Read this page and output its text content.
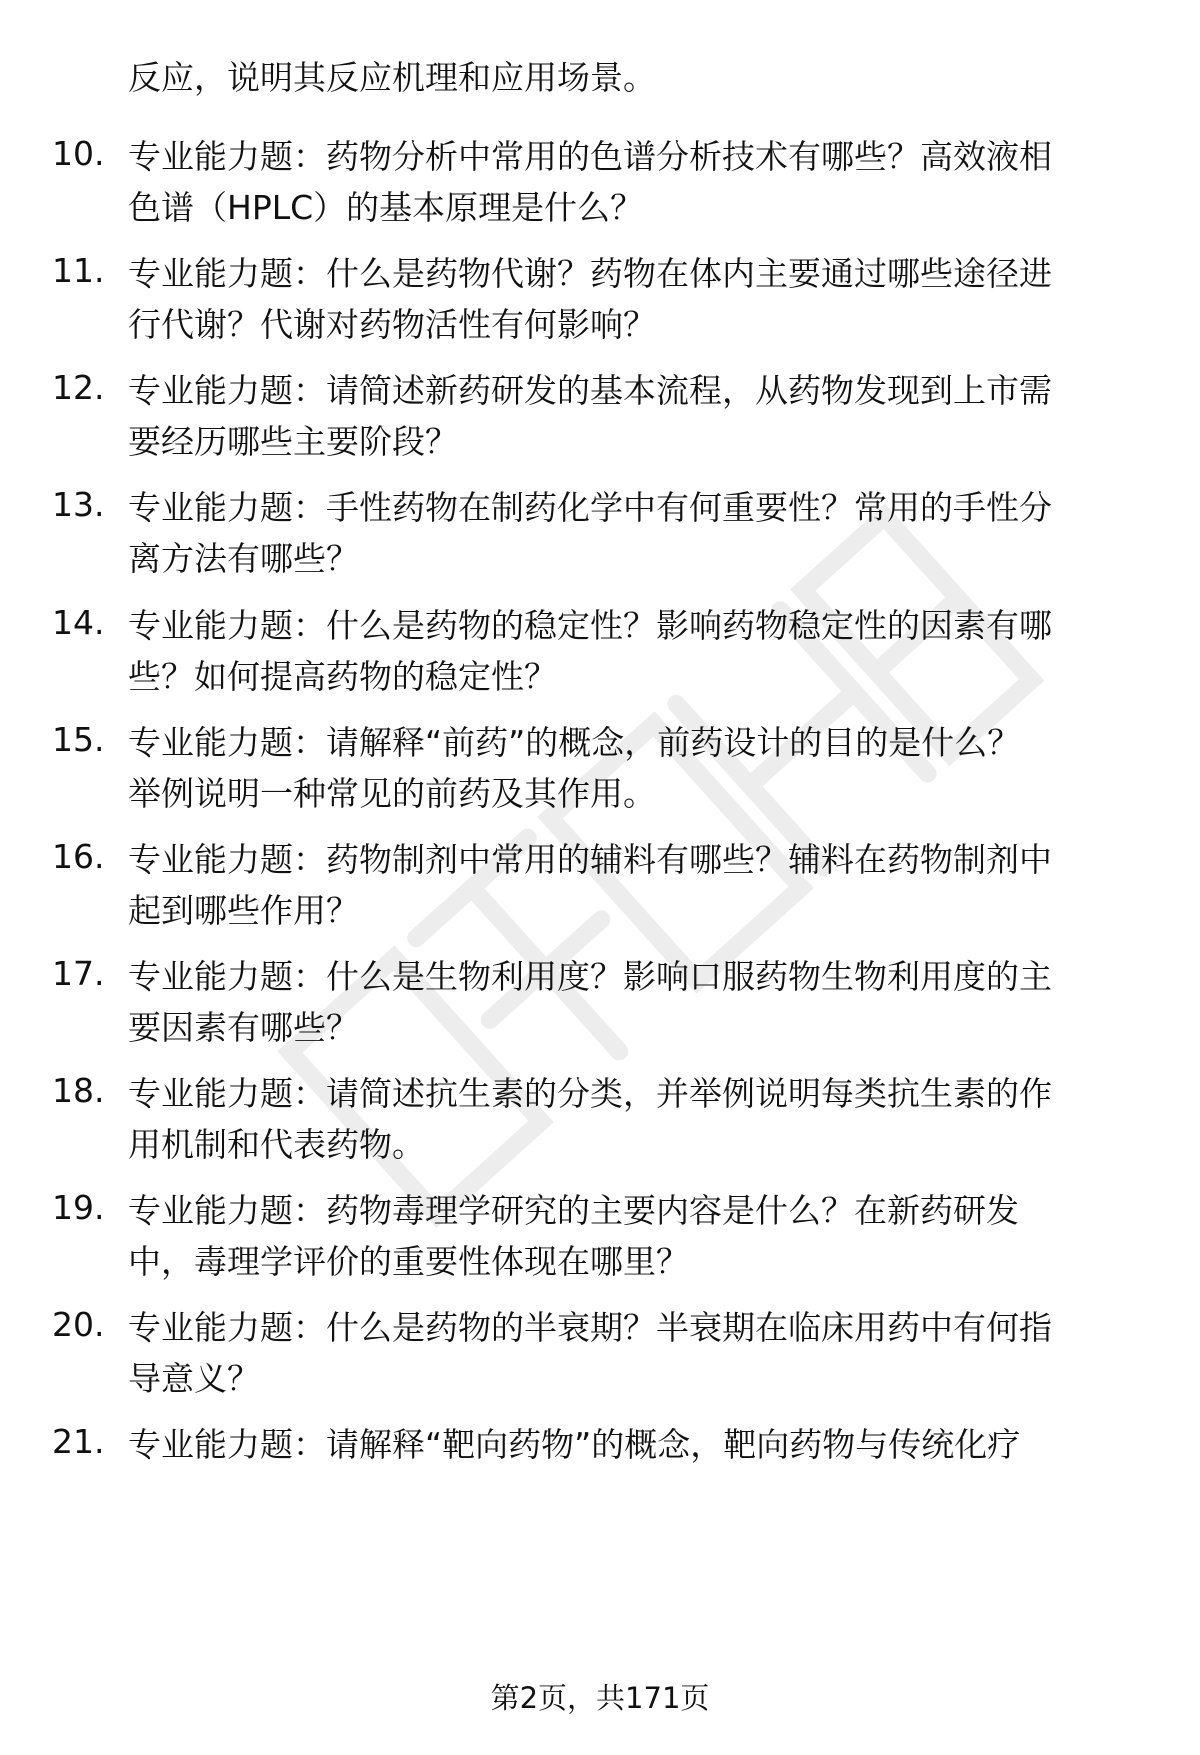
反应，说明其反应机理和应用场景。
10. 专业能力题：药物分析中常用的色谱分析技术有哪些？高效液相
色谱（HPLC）的基本原理是什么？
11. 专业能力题：什么是药物代谢？药物在体内主要通过哪些途径进
行代谢？代谢对药物活性有何影响？
12. 专业能力题：请简述新药研发的基本流程，从药物发现到上市需
要经历哪些主要阶段？
13. 专业能力题：手性药物在制药化学中有何重要性？常用的手性分
离方法有哪些？
14. 专业能力题：什么是药物的稳定性？影响药物稳定性的因素有哪
些？如何提高药物的稳定性？
15. 专业能力题：请解释“前药”的概念，前药设计的目的是什么？
举例说明一种常见的前药及其作用。
16. 专业能力题：药物制剂中常用的辅料有哪些？辅料在药物制剂中
起到哪些作用？
17. 专业能力题：什么是生物利用度？影响口服药物生物利用度的主
要因素有哪些？
18. 专业能力题：请简述抗生素的分类，并举例说明每类抗生素的作
用机制和代表药物。
19. 专业能力题：药物毒理学研究的主要内容是什么？在新药研发
中，毒理学评价的重要性体现在哪里？
20. 专业能力题：什么是药物的半衰期？半衰期在临床用药中有何指
导意义？
21. 专业能力题：请解释“靶向药物”的概念，靶向药物与传统化疗
第2页，共171页
